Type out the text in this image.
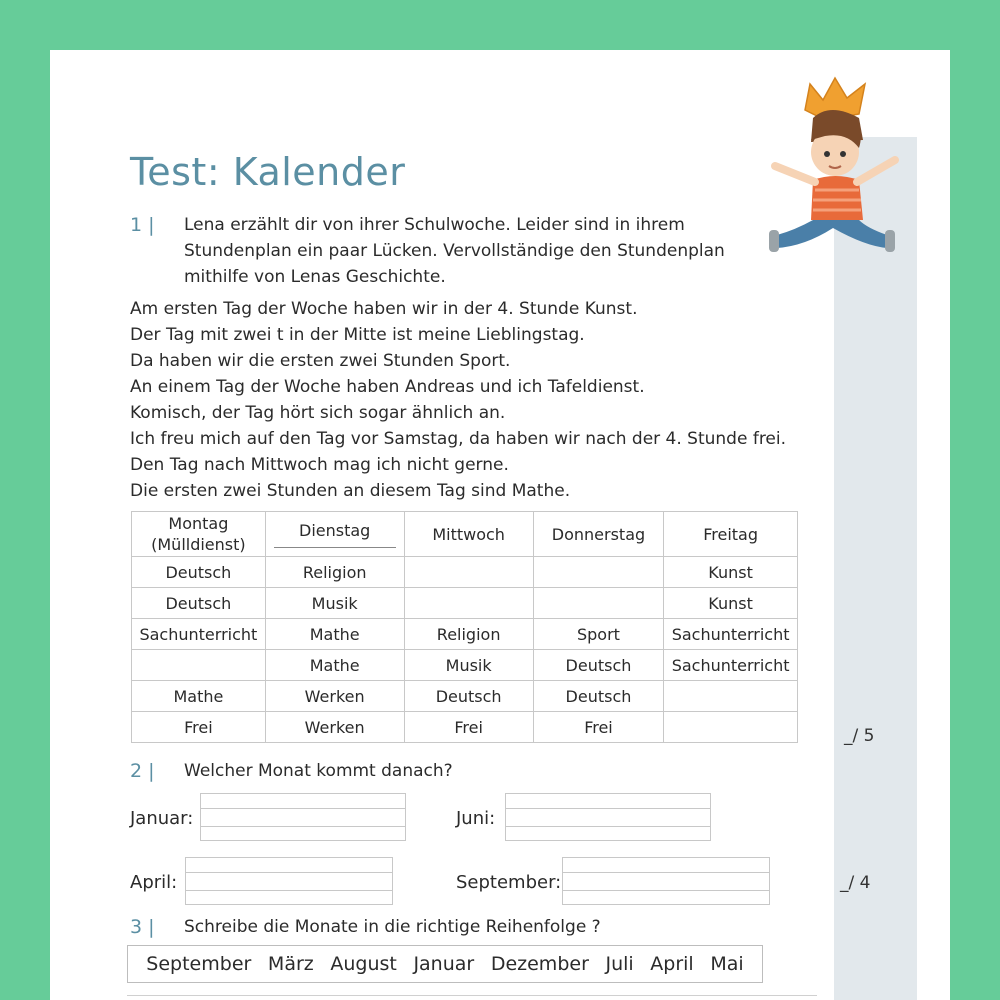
Test: Kalender
1 | Lena erzählt dir von ihrer Schulwoche. Leider sind in ihrem
Stundenplan ein paar Lücken. Vervollständige den Stundenplan
mithilfe von Lenas Geschichte.
Am ersten Tag der Woche haben wir in der 4. Stunde Kunst.
Der Tag mit zwei t in der Mitte ist meine Lieblingstag.
Da haben wir die ersten zwei Stunden Sport.
An einem Tag der Woche haben Andreas und ich Tafeldienst.
Komisch, der Tag hört sich sogar ähnlich an.
Ich freu mich auf den Tag vor Samstag, da haben wir nach der 4. Stunde frei.
Den Tag nach Mittwoch mag ich nicht gerne.
Die ersten zwei Stunden an diesem Tag sind Mathe.
Montag
(Mülldienst)	Dienstag	Mittwoch	Donnerstag	Freitag
Deutsch	Religion			Kunst
Deutsch	Musik			Kunst
Sachunterricht	Mathe	Religion	Sport	Sachunterricht
	Mathe	Musik	Deutsch	Sachunterricht
Mathe	Werken	Deutsch	Deutsch	
Frei	Werken	Frei	Frei		_/ 5
2 | Welcher Monat kommt danach?
Januar:	Juni:
April:	September:	_/ 4
3 | Schreibe die Monate in die richtige Reihenfolge ?
September März August Januar Dezember Juli April Mai
